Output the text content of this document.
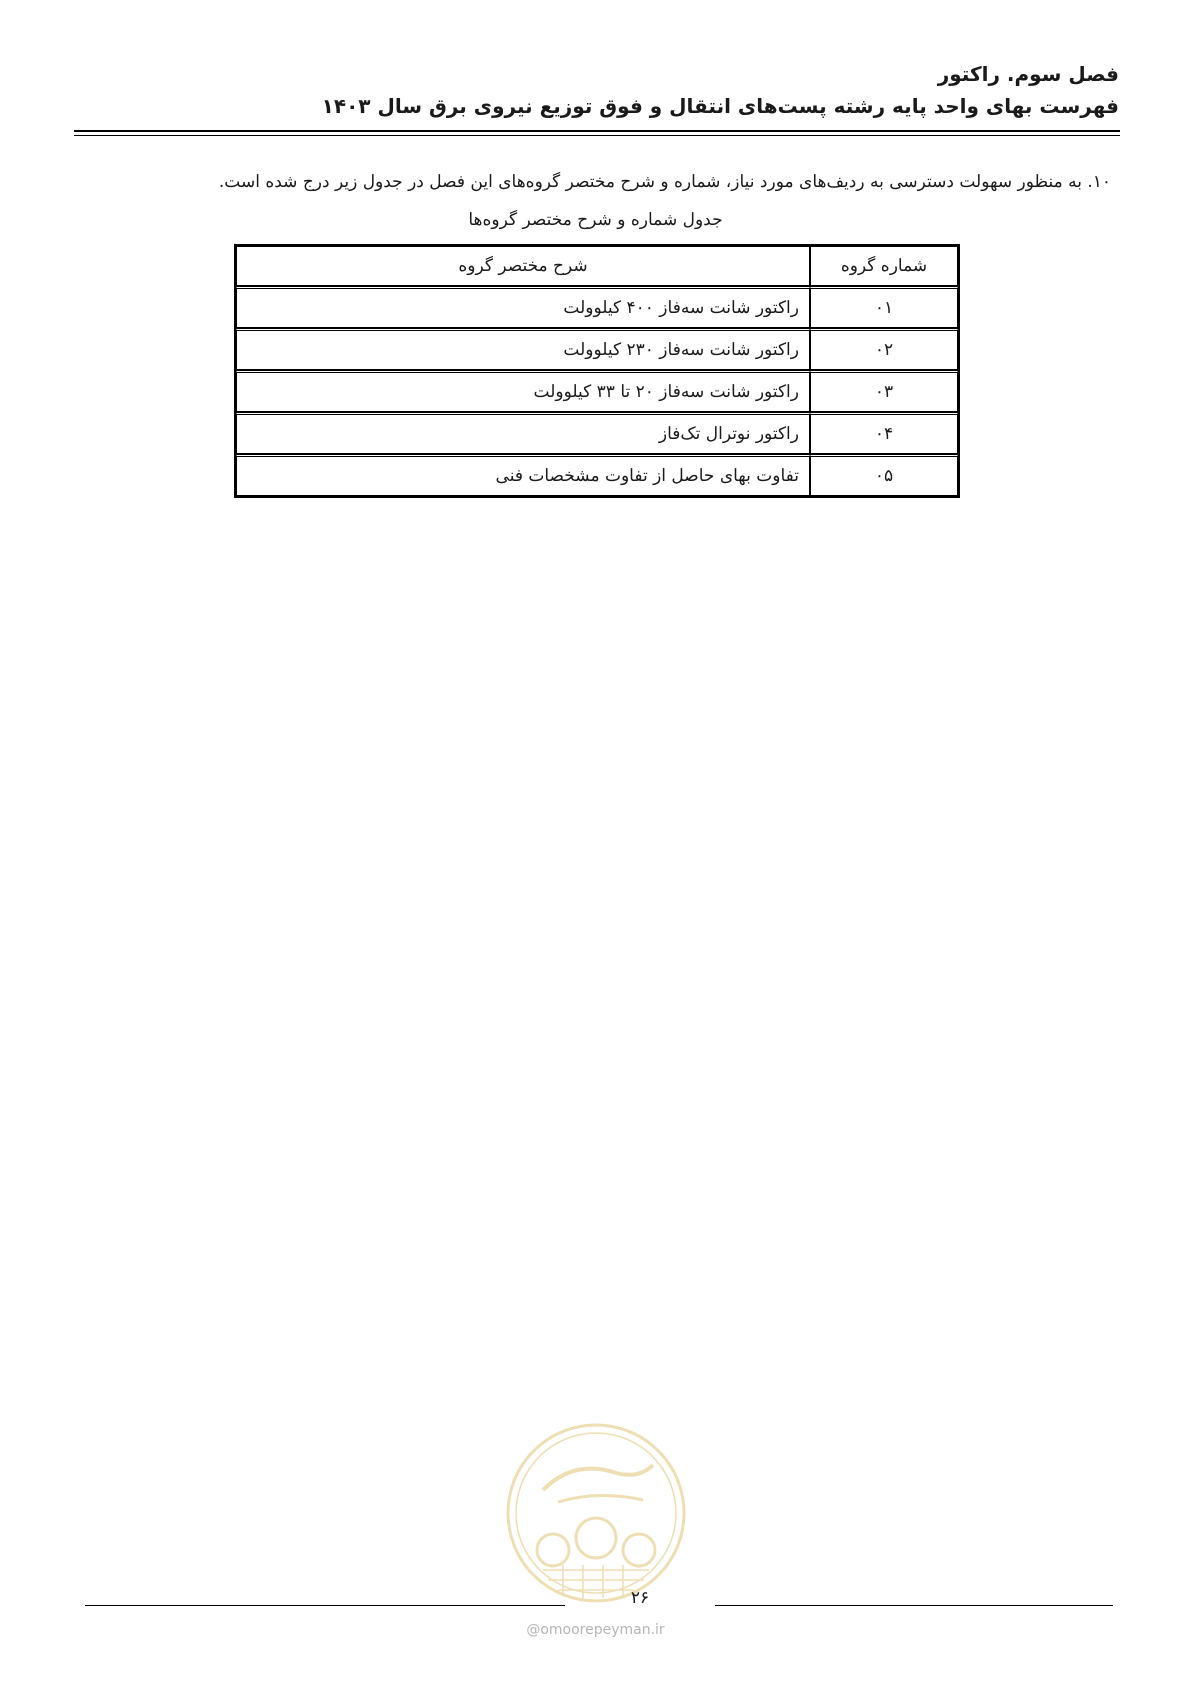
فصل سوم. راکتور
فهرست بهای واحد پایه رشته پست‌های انتقال و فوق توزیع نیروی برق سال ۱۴۰۳
۱۰. به منظور سهولت دسترسی به ردیف‌های مورد نیاز، شماره و شرح مختصر گروه‌های این فصل در جدول زیر درج شده است.
جدول شماره و شرح مختصر گروه‌ها
شماره گروه	شرح مختصر گروه
۰۱	راکتور شانت سه‌فاز ۴۰۰ کیلوولت
۰۲	راکتور شانت سه‌فاز ۲۳۰ کیلوولت
۰۳	راکتور شانت سه‌فاز ۲۰ تا ۳۳ کیلوولت
۰۴	راکتور نوترال تک‌فاز
۰۵	تفاوت بهای حاصل از تفاوت مشخصات فنی
۲۶
@omoorepeyman.ir
